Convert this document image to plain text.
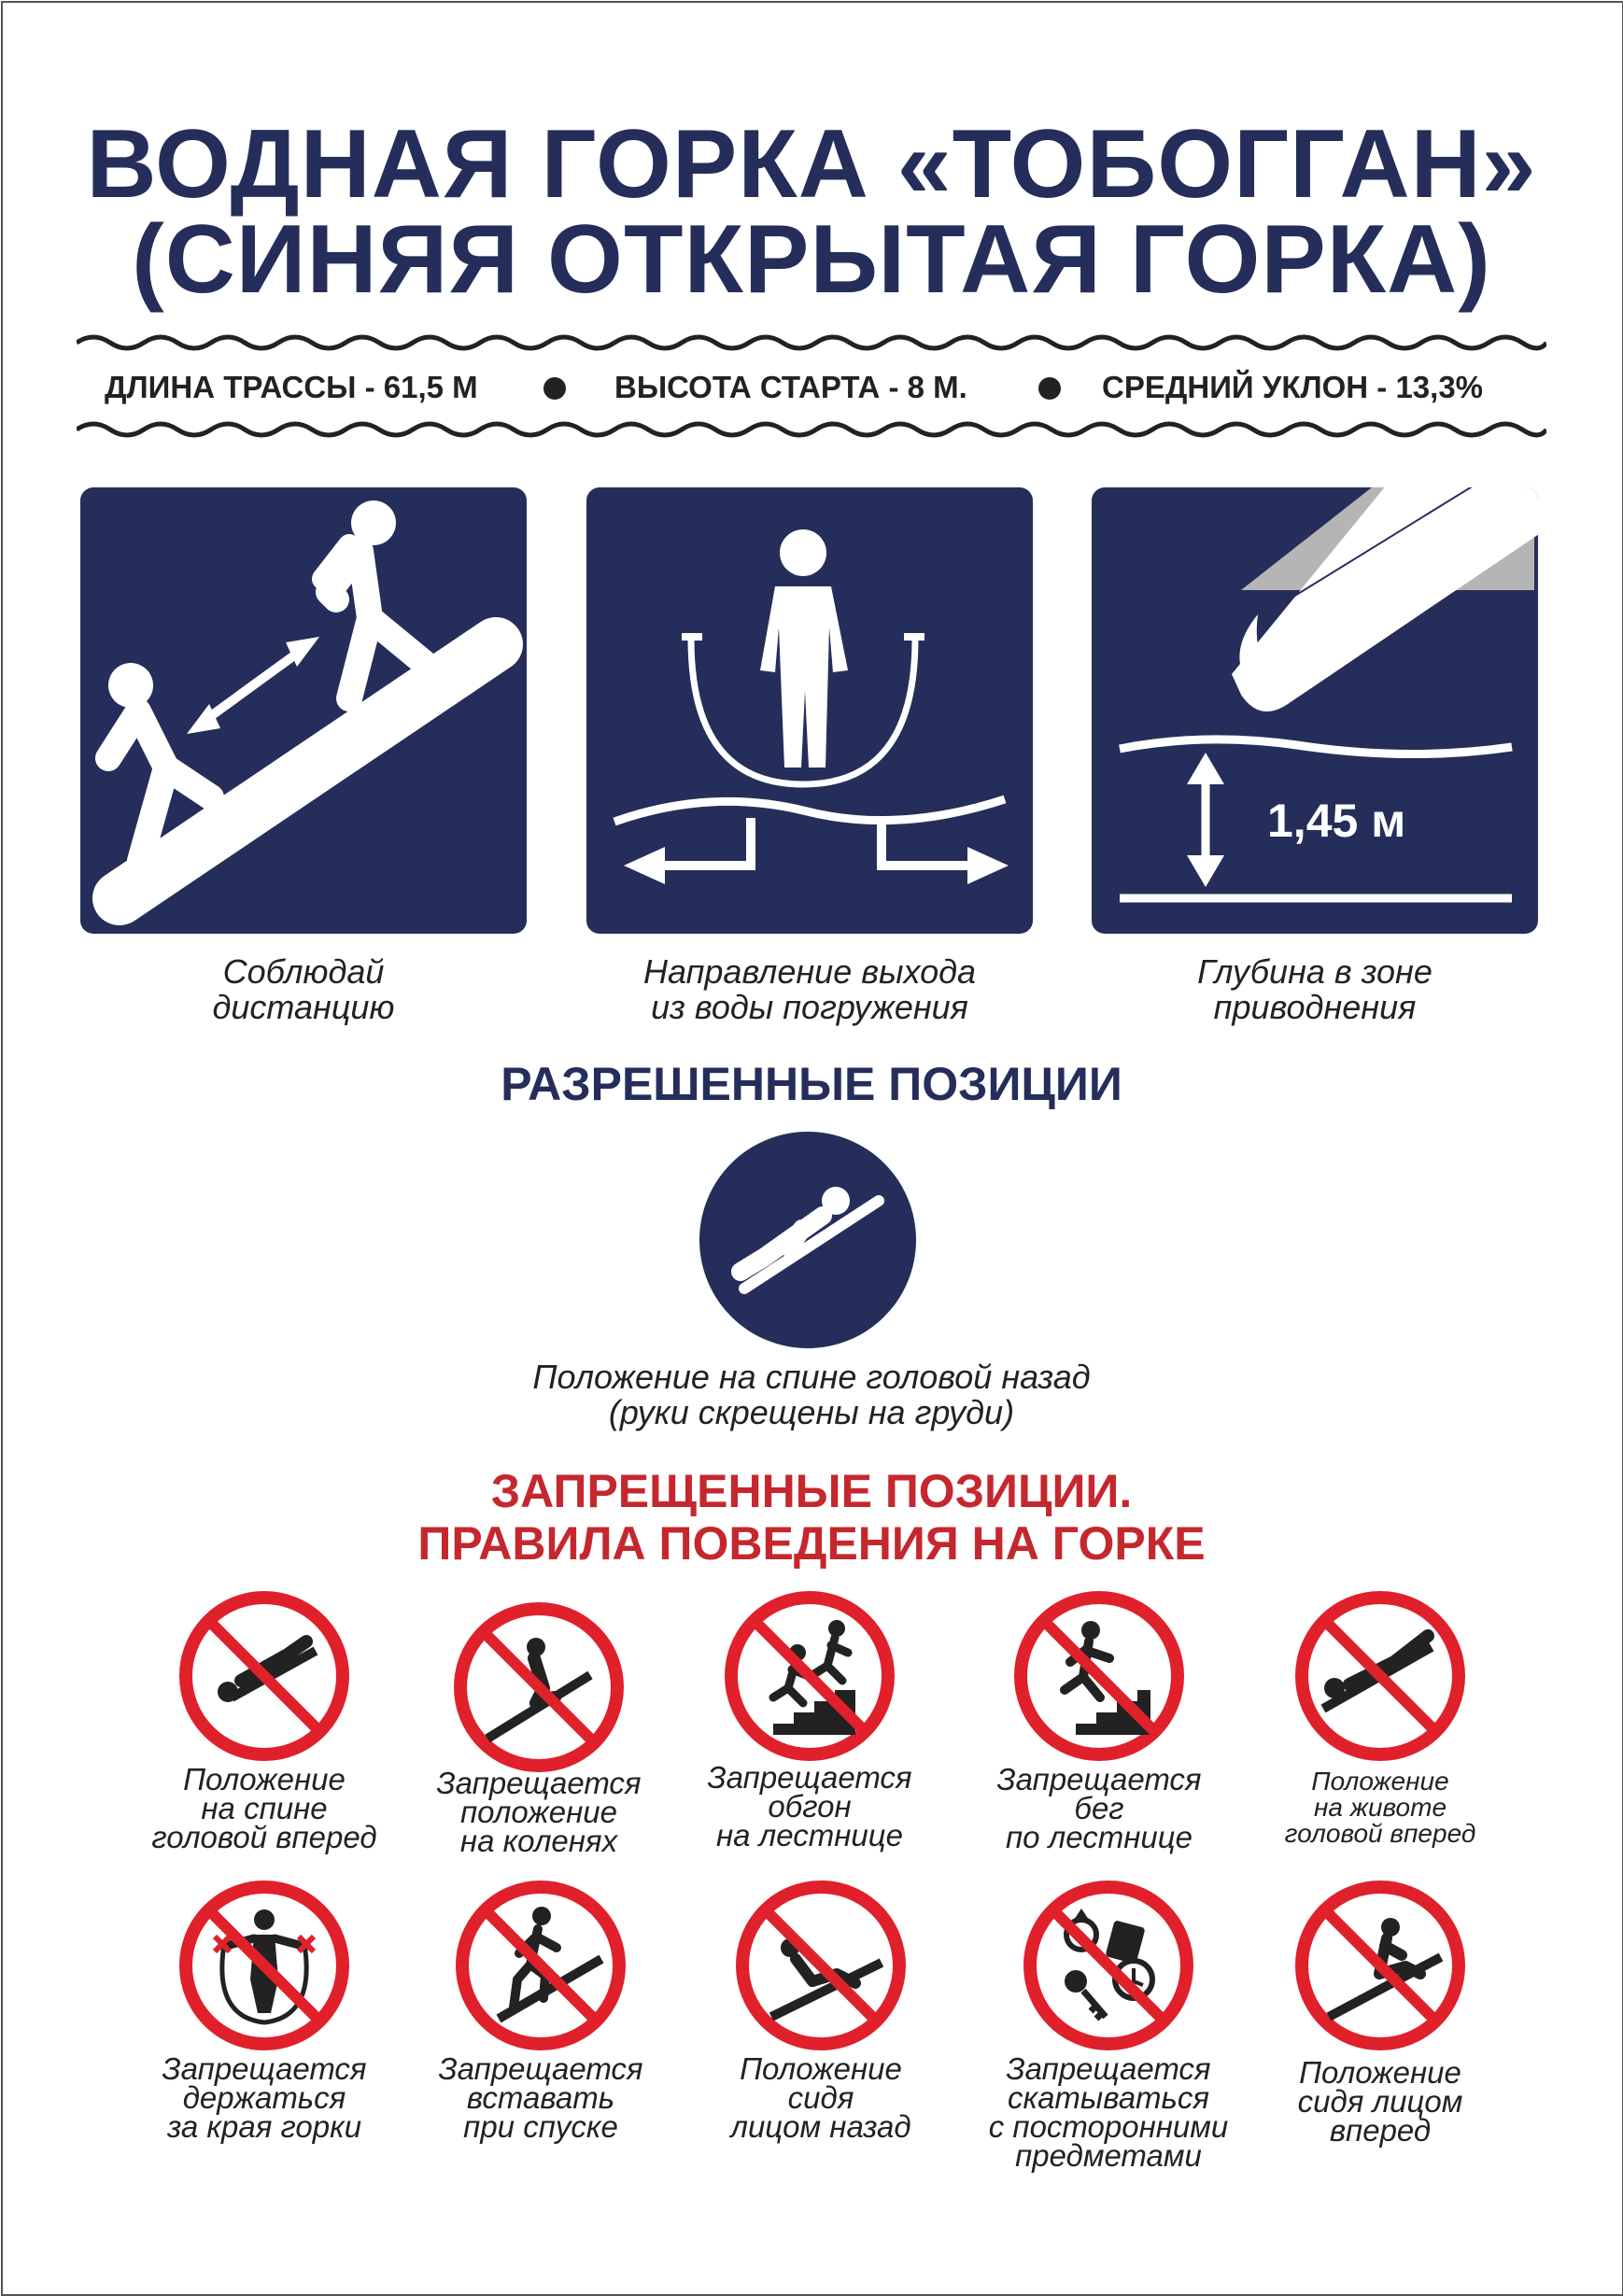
ВОДНАЯ ГОРКА «ТОБОГГАН»
(СИНЯЯ ОТКРЫТАЯ ГОРКА)
ДЛИНА ТРАССЫ - 61,5 М	ВЫСОТА СТАРТА - 8 М.	СРЕДНИЙ УКЛОН - 13,3%
1,45 м
Соблюдай
дистанцию
Направление выхода
из воды погружения
Глубина в зоне
приводнения
РАЗРЕШЕННЫЕ ПОЗИЦИИ
Положение на спине головой назад
(руки скрещены на груди)
ЗАПРЕЩЕННЫЕ ПОЗИЦИИ.
ПРАВИЛА ПОВЕДЕНИЯ НА ГОРКЕ
Положение
на спине
головой вперед
Запрещается
положение
на коленях
Запрещается
обгон
на лестнице
Запрещается
бег
по лестнице
Положение
на животе
головой вперед
Запрещается
держаться
за края горки
Запрещается
вставать
при спуске
Положение
сидя
лицом назад
Запрещается
скатываться
с посторонними
предметами
Положение
сидя лицом
вперед
